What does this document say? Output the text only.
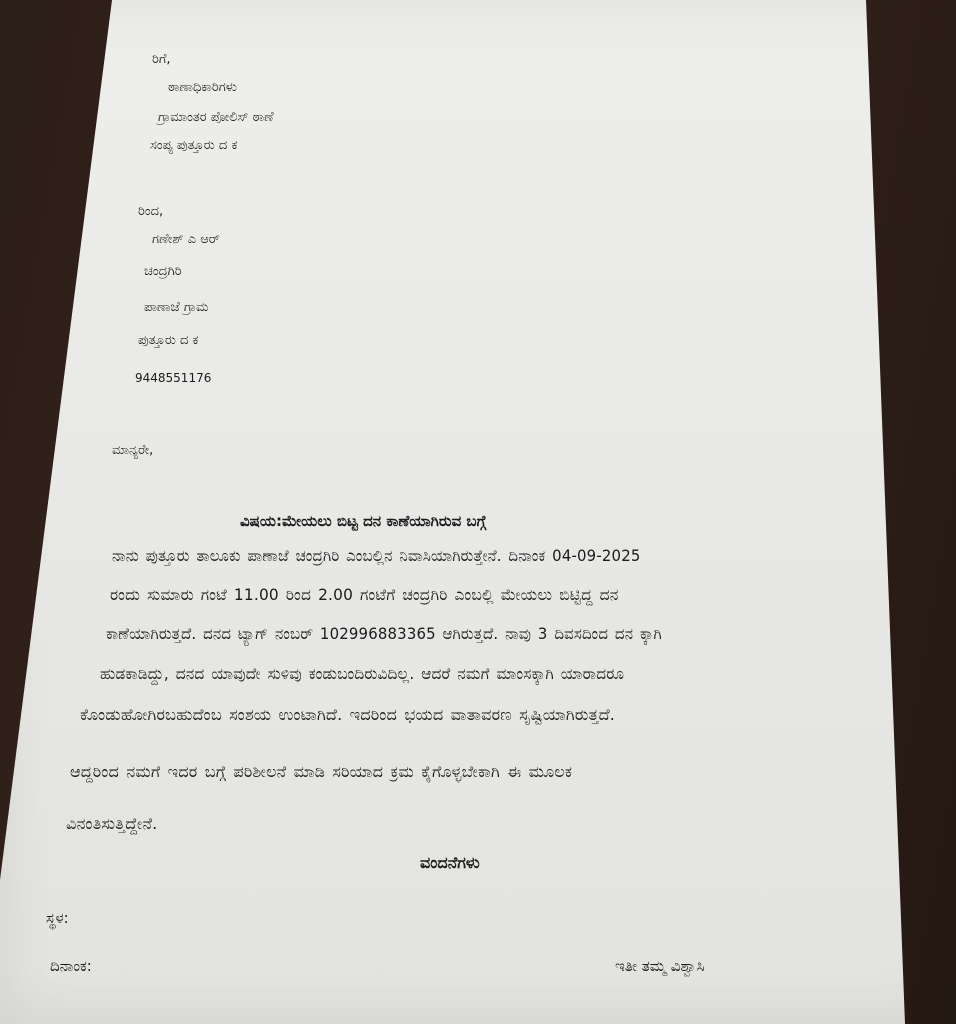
ರಿಗೆ,
ಠಾಣಾಧಿಕಾರಿಗಳು
ಗ್ರಾಮಾಂತರ ಪೋಲಿಸ್ ಠಾಣೆ
ಸಂಪ್ಯ ಪುತ್ತೂರು ದ ಕ
ರಿಂದ,
ಗಣೇಶ್ ಎ ಆರ್
ಚಂದ್ರಗಿರಿ
ಪಾಣಾಜೆ ಗ್ರಾಮ
ಪುತ್ತೂರು ದ ಕ
9448551176
ಮಾನ್ಯರೇ,
ವಿಷಯ:ಮೇಯಲು ಬಿಟ್ಟ ದನ ಕಾಣೆಯಾಗಿರುವ ಬಗ್ಗೆ
ನಾನು ಪುತ್ತೂರು ತಾಲೂಕು ಪಾಣಾಜೆ ಚಂದ್ರಗಿರಿ ಎಂಬಲ್ಲಿನ ನಿವಾಸಿಯಾಗಿರುತ್ತೇನೆ. ದಿನಾಂಕ 04-09-2025
ರಂದು ಸುಮಾರು ಗಂಟೆ 11.00 ರಿಂದ 2.00 ಗಂಟೆಗೆ ಚಂದ್ರಗಿರಿ ಎಂಬಲ್ಲಿ ಮೇಯಲು ಬಿಟ್ಟಿದ್ದ ದನ
ಕಾಣೆಯಾಗಿರುತ್ತದೆ. ದನದ ಟ್ಯಾಗ್ ನಂಬರ್ 102996883365 ಆಗಿರುತ್ತದೆ. ನಾವು 3 ದಿವಸದಿಂದ ದನ ಕ್ಕಾಗಿ
ಹುಡಕಾಡಿದ್ದು, ದನದ ಯಾವುದೇ ಸುಳಿವು ಕಂಡುಬಂದಿರುವಿದಿಲ್ಲ. ಆದರೆ ನಮಗೆ ಮಾಂಸಕ್ಕಾಗಿ ಯಾರಾದರೂ
ಕೊಂಡುಹೋಗಿರಬಹುದೆಂಬ ಸಂಶಯ ಉಂಟಾಗಿದೆ. ಇದರಿಂದ ಭಯದ ವಾತಾವರಣ ಸೃಷ್ಟಿಯಾಗಿರುತ್ತದೆ.
ಆದ್ದರಿಂದ ನಮಗೆ ಇದರ ಬಗ್ಗೆ ಪರಿಶೀಲನೆ ಮಾಡಿ ಸರಿಯಾದ ಕ್ರಮ ಕೈಗೊಳ್ಳಬೇಕಾಗಿ ಈ ಮೂಲಕ
ವಿನಂತಿಸುತ್ತಿದ್ದೇನೆ.
ವಂದನೆಗಳು
ಸ್ಥಳ:
ದಿನಾಂಕ:	ಇತೀ ತಮ್ಮ ವಿಶ್ವಾಸಿ
